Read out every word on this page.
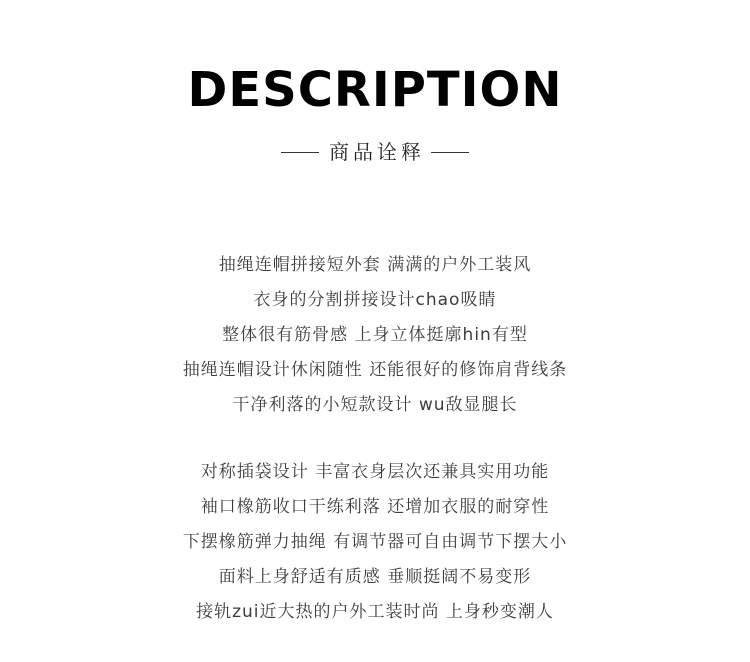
DESCRIPTION
商品诠释
抽绳连帽拼接短外套 满满的户外工装风
衣身的分割拼接设计chao吸睛
整体很有筋骨感 上身立体挺廓hin有型
抽绳连帽设计休闲随性 还能很好的修饰肩背线条
干净利落的小短款设计 wu敌显腿长
对称插袋设计 丰富衣身层次还兼具实用功能
袖口橡筋收口干练利落 还增加衣服的耐穿性
下摆橡筋弹力抽绳 有调节器可自由调节下摆大小
面料上身舒适有质感 垂顺挺阔不易变形
接轨zui近大热的户外工装时尚 上身秒变潮人
